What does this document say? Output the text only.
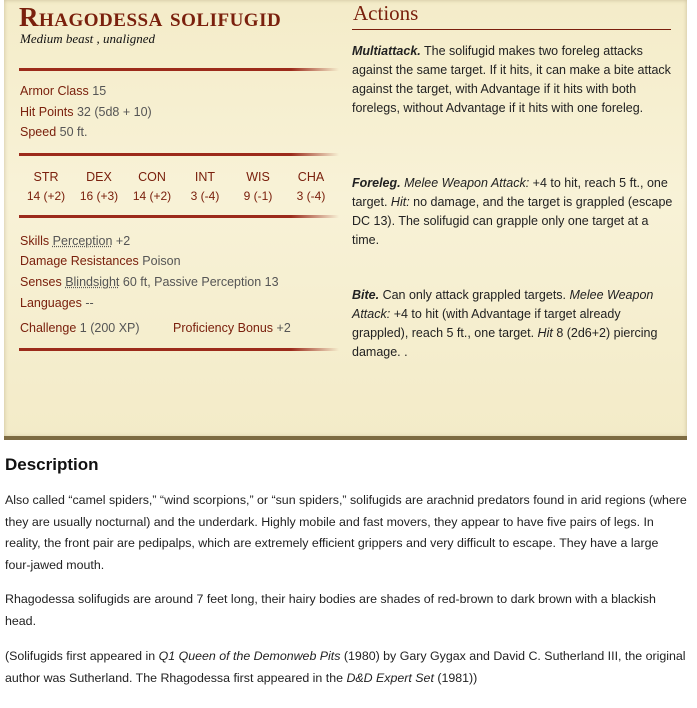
Rhagodessa solifugid
Medium beast , unaligned
Armor Class 15
Hit Points 32 (5d8 + 10)
Speed 50 ft.
STR	DEX	CON	INT	WIS	CHA
14 (+2)	16 (+3)	14 (+2)	3 (-4)	9 (-1)	3 (-4)
Skills Perception +2
Damage Resistances Poison
Senses Blindsight 60 ft, Passive Perception 13
Languages --
Challenge 1 (200 XP)	Proficiency Bonus +2
Actions
Multiattack. The solifugid makes two foreleg attacks against the same target. If it hits, it can make a bite attack against the target, with Advantage if it hits with both forelegs, without Advantage if it hits with one foreleg.
Foreleg. Melee Weapon Attack: +4 to hit, reach 5 ft., one target. Hit: no damage, and the target is grappled (escape DC 13). The solifugid can grapple only one target at a time.
Bite. Can only attack grappled targets. Melee Weapon Attack: +4 to hit (with Advantage if target already grappled), reach 5 ft., one target. Hit 8 (2d6+2) piercing damage. .
Description
Also called “camel spiders,” “wind scorpions,” or “sun spiders,” solifugids are arachnid predators found in arid regions (where they are usually nocturnal) and the underdark. Highly mobile and fast movers, they appear to have five pairs of legs. In reality, the front pair are pedipalps, which are extremely efficient grippers and very difficult to escape. They have a large four-jawed mouth.
Rhagodessa solifugids are around 7 feet long, their hairy bodies are shades of red-brown to dark brown with a blackish head.
(Solifugids first appeared in Q1 Queen of the Demonweb Pits (1980) by Gary Gygax and David C. Sutherland III, the original author was Sutherland. The Rhagodessa first appeared in the D&D Expert Set (1981))
